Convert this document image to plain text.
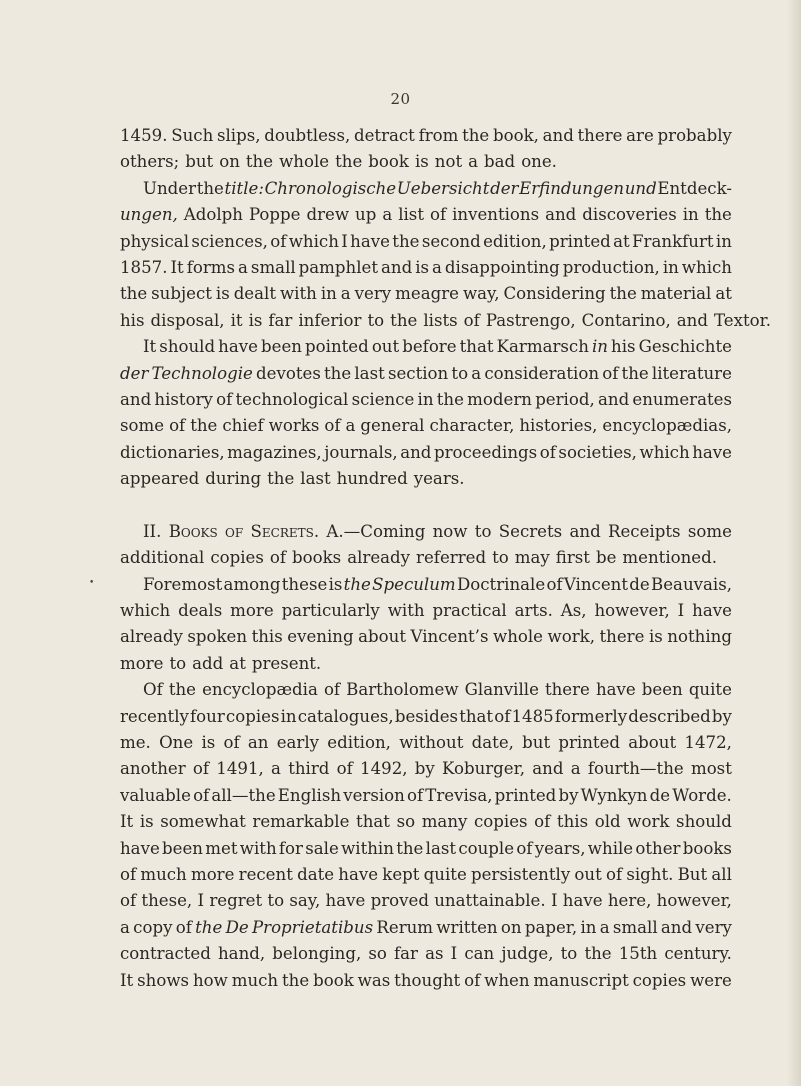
20
•
1459. Such slips, doubtless, detract from the book, and there are probably
others; but on the whole the book is not a bad one.
Under the title: Chronologische Uebersicht der Erfindungen und Entdeck-
ungen, Adolph Poppe drew up a list of inventions and discoveries in the
physical sciences, of which I have the second edition, printed at Frankfurt in
1857. It forms a small pamphlet and is a disappointing production, in which
the subject is dealt with in a very meagre way, Considering the material at
his disposal, it is far inferior to the lists of Pastrengo, Contarino, and Textor.
It should have been pointed out before that Karmarsch in his Geschichte
der Technologie devotes the last section to a consideration of the literature
and history of technological science in the modern period, and enumerates
some of the chief works of a general character, histories, encyclopædias,
dictionaries, magazines, journals, and proceedings of societies, which have
appeared during the last hundred years.
II. Books of Secrets. A.—Coming now to Secrets and Receipts some
additional copies of books already referred to may first be mentioned.
Foremost among these is the Speculum Doctrinale of Vincent de Beauvais,
which deals more particularly with practical arts. As, however, I have
already spoken this evening about Vincent’s whole work, there is nothing
more to add at present.
Of the encyclopædia of Bartholomew Glanville there have been quite
recently four copies in catalogues, besides that of 1485 formerly described by
me. One is of an early edition, without date, but printed about 1472,
another of 1491, a third of 1492, by Koburger, and a fourth—the most
valuable of all—the English version of Trevisa, printed by Wynkyn de Worde.
It is somewhat remarkable that so many copies of this old work should
have been met with for sale within the last couple of years, while other books
of much more recent date have kept quite persistently out of sight. But all
of these, I regret to say, have proved unattainable. I have here, however,
a copy of the De Proprietatibus Rerum written on paper, in a small and very
contracted hand, belonging, so far as I can judge, to the 15th century.
It shows how much the book was thought of when manuscript copies were
